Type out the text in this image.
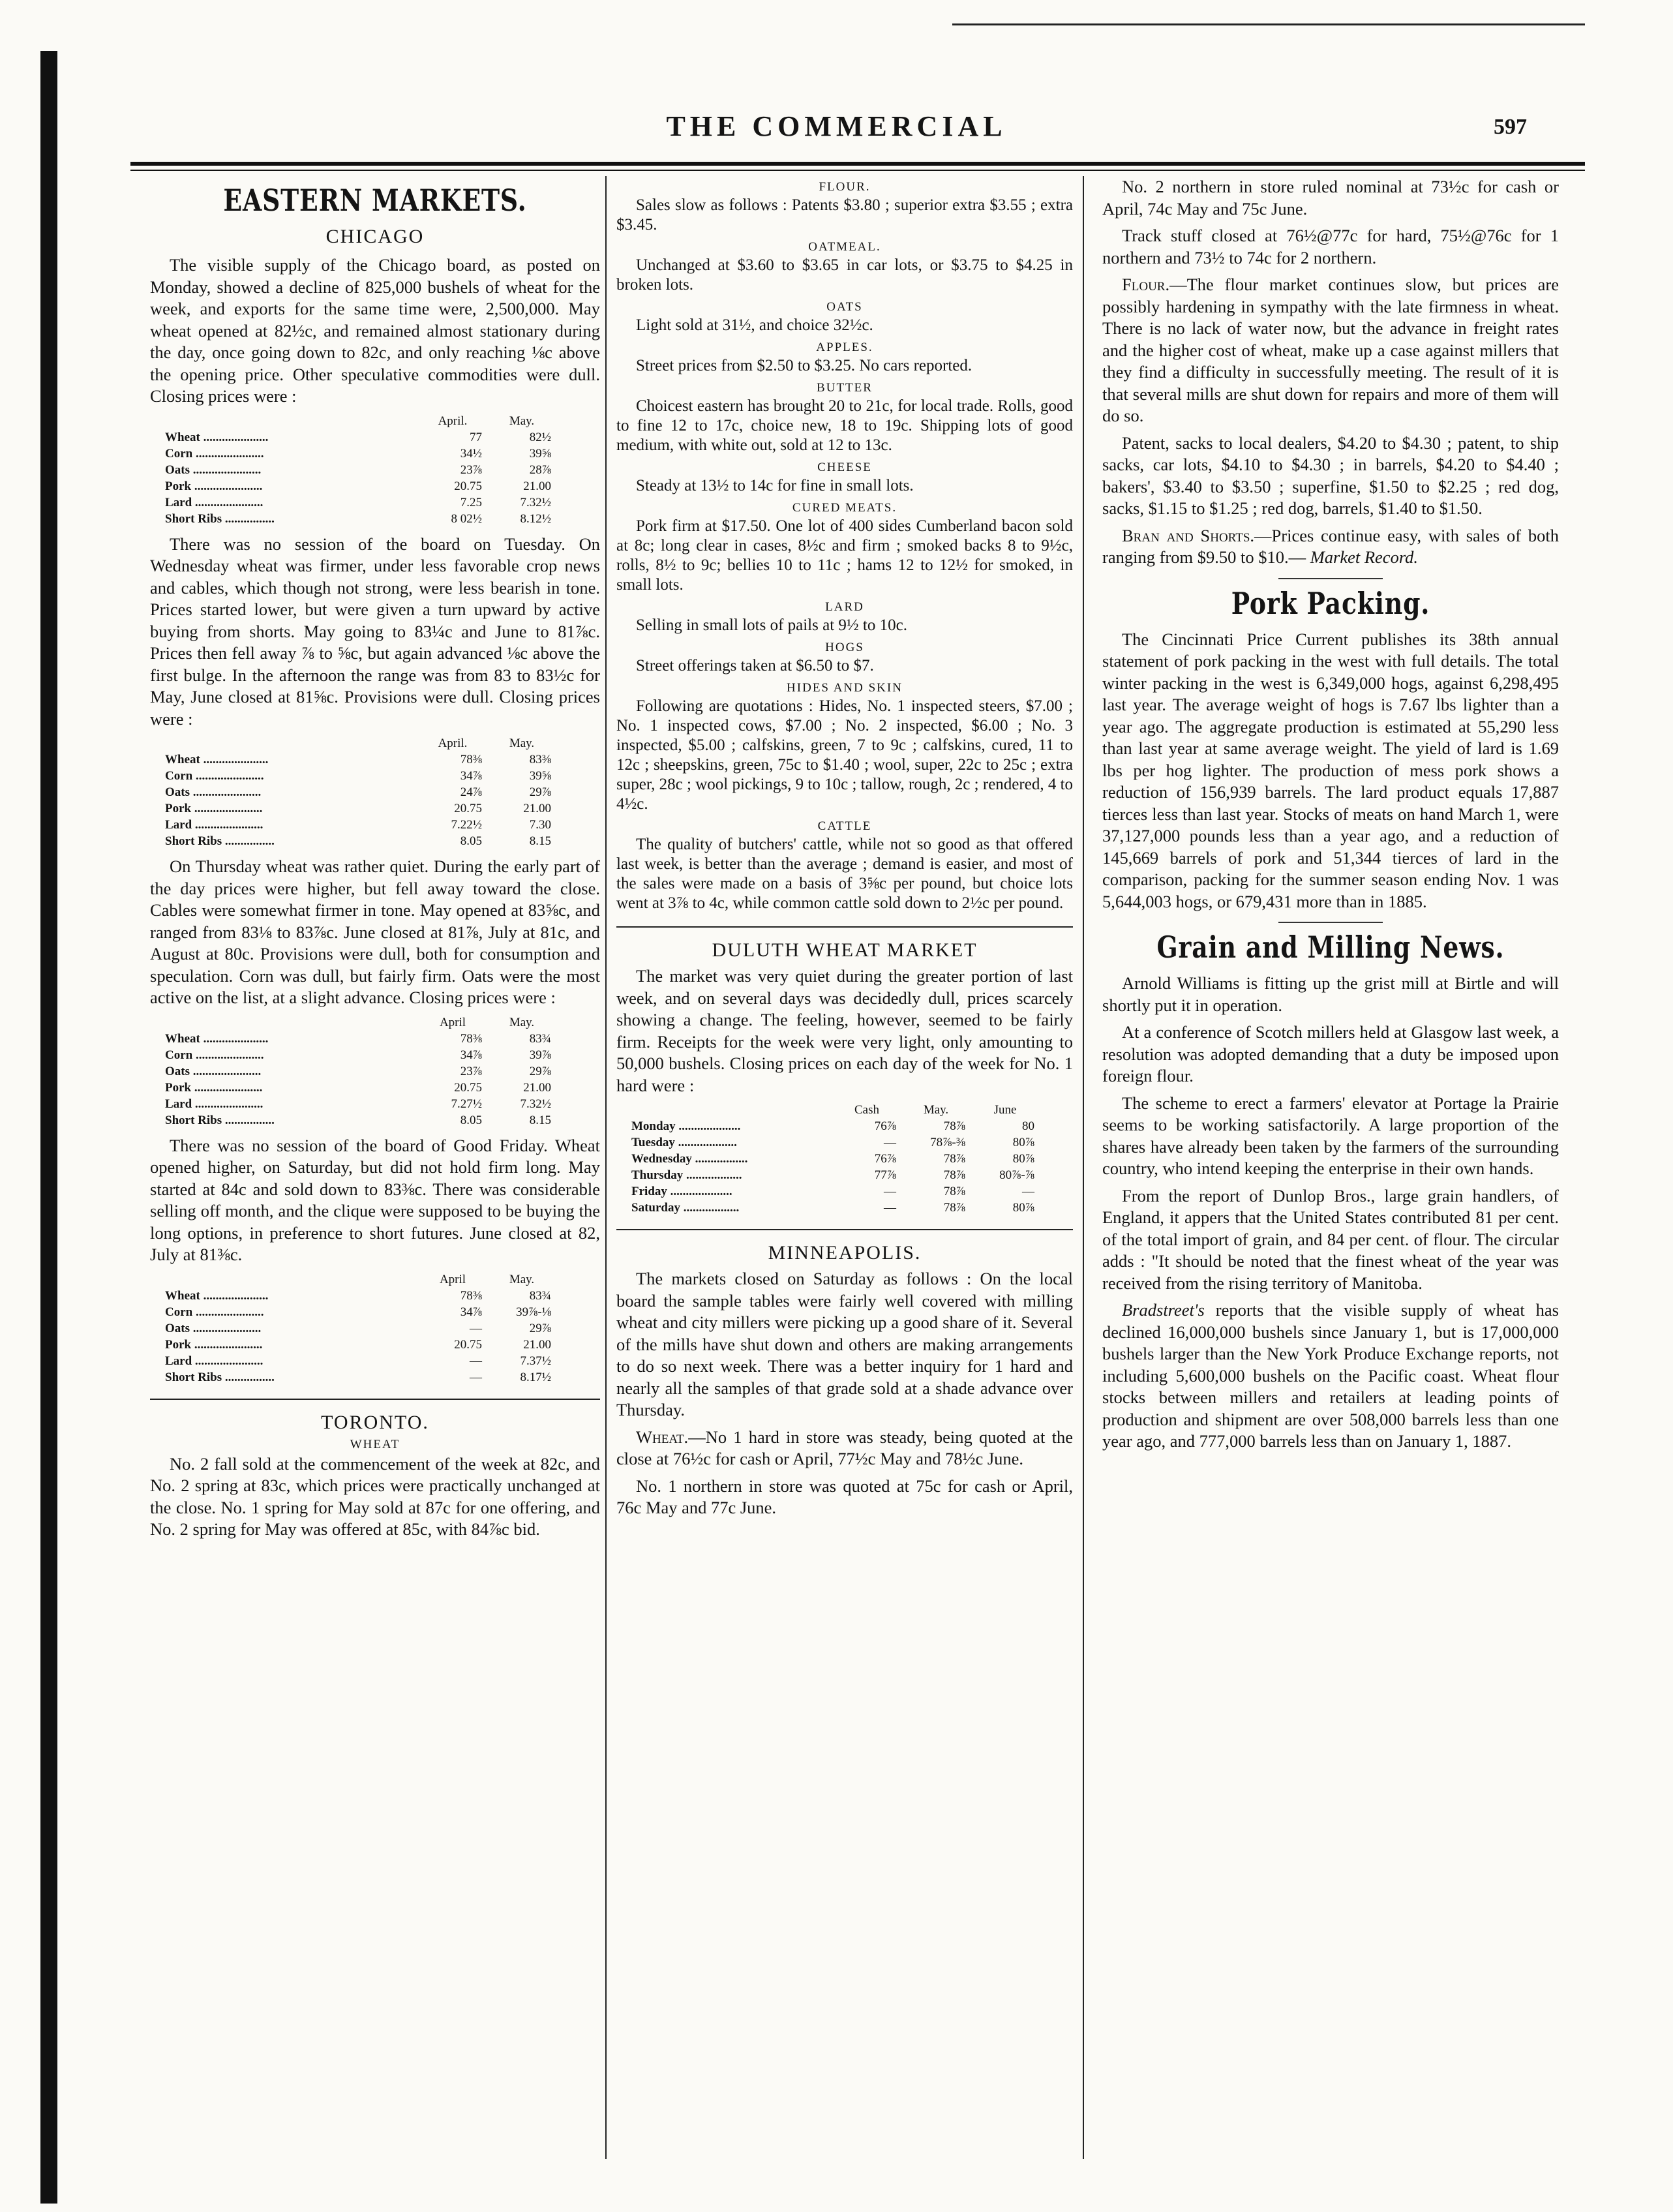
THE COMMERCIAL	597
EASTERN MARKETS.
CHICAGO

The visible supply of the Chicago board, as posted on Monday, showed a decline of 825,000 bushels of wheat for the week, and exports for the same time were, 2,500,000. May wheat opened at 82½c, and remained almost stationary during the day, once going down to 82c, and only reaching ⅛c above the opening price. Other speculative commodities were dull. Closing prices were :

	April.	May.
Wheat .....................	77	82½
Corn ......................	34½	39⅝
Oats ......................	23⅞	28⅞
Pork ......................	20.75	21.00
Lard ......................	7.25	7.32½
Short Ribs ................	8 02½	8.12½

There was no session of the board on Tuesday. On Wednesday wheat was firmer, under less favorable crop news and cables, which though not strong, were less bearish in tone. Prices started lower, but were given a turn upward by active buying from shorts. May going to 83¼c and June to 81⅞c. Prices then fell away ⅞ to ⅝c, but again advanced ⅛c above the first bulge. In the afternoon the range was from 83 to 83½c for May, June closed at 81⅝c. Provisions were dull. Closing prices were :

	April.	May.
Wheat .....................	78⅜	83⅜
Corn ......................	34⅞	39⅝
Oats ......................	24⅞	29⅞
Pork ......................	20.75	21.00
Lard ......................	7.22½	7.30
Short Ribs ................	8.05	8.15

On Thursday wheat was rather quiet. During the early part of the day prices were higher, but fell away toward the close. Cables were somewhat firmer in tone. May opened at 83⅝c, and ranged from 83⅛ to 83⅞c. June closed at 81⅞, July at 81c, and August at 80c. Provisions were dull, both for consumption and speculation. Corn was dull, but fairly firm. Oats were the most active on the list, at a slight advance. Closing prices were :

	April	May.
Wheat .....................	78⅜	83¾
Corn ......................	34⅞	39⅞
Oats ......................	23⅞	29⅞
Pork ......................	20.75	21.00
Lard ......................	7.27½	7.32½
Short Ribs ................	8.05	8.15

There was no session of the board of Good Friday. Wheat opened higher, on Saturday, but did not hold firm long. May started at 84c and sold down to 83⅜c. There was considerable selling off month, and the clique were supposed to be buying the long options, in preference to short futures. June closed at 82, July at 81⅜c.

	April	May.
Wheat .....................	78⅜	83¾
Corn ......................	34⅞	39⅞-⅛
Oats ......................	—	29⅞
Pork ......................	20.75	21.00
Lard ......................	—	7.37½
Short Ribs ................	—	8.17½
TORONTO.
WHEAT

No. 2 fall sold at the commencement of the week at 82c, and No. 2 spring at 83c, which prices were practically unchanged at the close. No. 1 spring for May sold at 87c for one offering, and No. 2 spring for May was offered at 85c, with 84⅞c bid.

FLOUR.

Sales slow as follows : Patents $3.80 ; superior extra $3.55 ; extra $3.45.

OATMEAL.

Unchanged at $3.60 to $3.65 in car lots, or $3.75 to $4.25 in broken lots.

OATS

Light sold at 31½, and choice 32½c.

APPLES.

Street prices from $2.50 to $3.25. No cars reported.

BUTTER

Choicest eastern has brought 20 to 21c, for local trade. Rolls, good to fine 12 to 17c, choice new, 18 to 19c. Shipping lots of good medium, with white out, sold at 12 to 13c.

CHEESE

Steady at 13½ to 14c for fine in small lots.

CURED MEATS.

Pork firm at $17.50. One lot of 400 sides Cumberland bacon sold at 8c; long clear in cases, 8½c and firm ; smoked backs 8 to 9½c, rolls, 8½ to 9c; bellies 10 to 11c ; hams 12 to 12½ for smoked, in small lots.

LARD

Selling in small lots of pails at 9½ to 10c.

HOGS

Street offerings taken at $6.50 to $7.

HIDES AND SKIN

Following are quotations : Hides, No. 1 inspected steers, $7.00 ; No. 1 inspected cows, $7.00 ; No. 2 inspected, $6.00 ; No. 3 inspected, $5.00 ; calfskins, green, 7 to 9c ; calfskins, cured, 11 to 12c ; sheepskins, green, 75c to $1.40 ; wool, super, 22c to 25c ; extra super, 28c ; wool pickings, 9 to 10c ; tallow, rough, 2c ; rendered, 4 to 4½c.

CATTLE

The quality of butchers' cattle, while not so good as that offered last week, is better than the average ; demand is easier, and most of the sales were made on a basis of 3⅝c per pound, but choice lots went at 3⅞ to 4c, while common cattle sold down to 2½c per pound.

DULUTH WHEAT MARKET

The market was very quiet during the greater portion of last week, and on several days was decidedly dull, prices scarcely showing a change. The feeling, however, seemed to be fairly firm. Receipts for the week were very light, only amounting to 50,000 bushels. Closing prices on each day of the week for No. 1 hard were :

	Cash	May.	June
Monday ....................	76⅞	78⅞	80
Tuesday ...................	—	78⅞-⅜	80⅞
Wednesday .................	76⅞	78⅞	80⅞
Thursday ..................	77⅞	78⅞	80⅞-⅞
Friday ....................	—	78⅞	—
Saturday ..................	—	78⅞	80⅞
MINNEAPOLIS.

The markets closed on Saturday as follows : On the local board the sample tables were fairly well covered with milling wheat and city millers were picking up a good share of it. Several of the mills have shut down and others are making arrangements to do so next week. There was a better inquiry for 1 hard and nearly all the samples of that grade sold at a shade advance over Thursday.

Wheat.—No 1 hard in store was steady, being quoted at the close at 76½c for cash or April, 77½c May and 78½c June.

No. 1 northern in store was quoted at 75c for cash or April, 76c May and 77c June.

No. 2 northern in store ruled nominal at 73½c for cash or April, 74c May and 75c June.

Track stuff closed at 76½@77c for hard, 75½@76c for 1 northern and 73½ to 74c for 2 northern.

Flour.—The flour market continues slow, but prices are possibly hardening in sympathy with the late firmness in wheat. There is no lack of water now, but the advance in freight rates and the higher cost of wheat, make up a case against millers that they find a difficulty in successfully meeting. The result of it is that several mills are shut down for repairs and more of them will do so.

Patent, sacks to local dealers, $4.20 to $4.30 ; patent, to ship sacks, car lots, $4.10 to $4.30 ; in barrels, $4.20 to $4.40 ; bakers', $3.40 to $3.50 ; superfine, $1.50 to $2.25 ; red dog, sacks, $1.15 to $1.25 ; red dog, barrels, $1.40 to $1.50.

Bran and Shorts.—Prices continue easy, with sales of both ranging from $9.50 to $10.— Market Record.

Pork Packing.

The Cincinnati Price Current publishes its 38th annual statement of pork packing in the west with full details. The total winter packing in the west is 6,349,000 hogs, against 6,298,495 last year. The average weight of hogs is 7.67 lbs lighter than a year ago. The aggregate production is estimated at 55,290 less than last year at same average weight. The yield of lard is 1.69 lbs per hog lighter. The production of mess pork shows a reduction of 156,939 barrels. The lard product equals 17,887 tierces less than last year. Stocks of meats on hand March 1, were 37,127,000 pounds less than a year ago, and a reduction of 145,669 barrels of pork and 51,344 tierces of lard in the comparison, packing for the summer season ending Nov. 1 was 5,644,003 hogs, or 679,431 more than in 1885.

Grain and Milling News.

Arnold Williams is fitting up the grist mill at Birtle and will shortly put it in operation.

At a conference of Scotch millers held at Glasgow last week, a resolution was adopted demanding that a duty be imposed upon foreign flour.

The scheme to erect a farmers' elevator at Portage la Prairie seems to be working satisfactorily. A large proportion of the shares have already been taken by the farmers of the surrounding country, who intend keeping the enterprise in their own hands.

From the report of Dunlop Bros., large grain handlers, of England, it appers that the United States contributed 81 per cent. of the total import of grain, and 84 per cent. of flour. The circular adds : "It should be noted that the finest wheat of the year was received from the rising territory of Manitoba.

Bradstreet's reports that the visible supply of wheat has declined 16,000,000 bushels since January 1, but is 17,000,000 bushels larger than the New York Produce Exchange reports, not including 5,600,000 bushels on the Pacific coast. Wheat flour stocks between millers and retailers at leading points of production and shipment are over 508,000 barrels less than one year ago, and 777,000 barrels less than on January 1, 1887.
